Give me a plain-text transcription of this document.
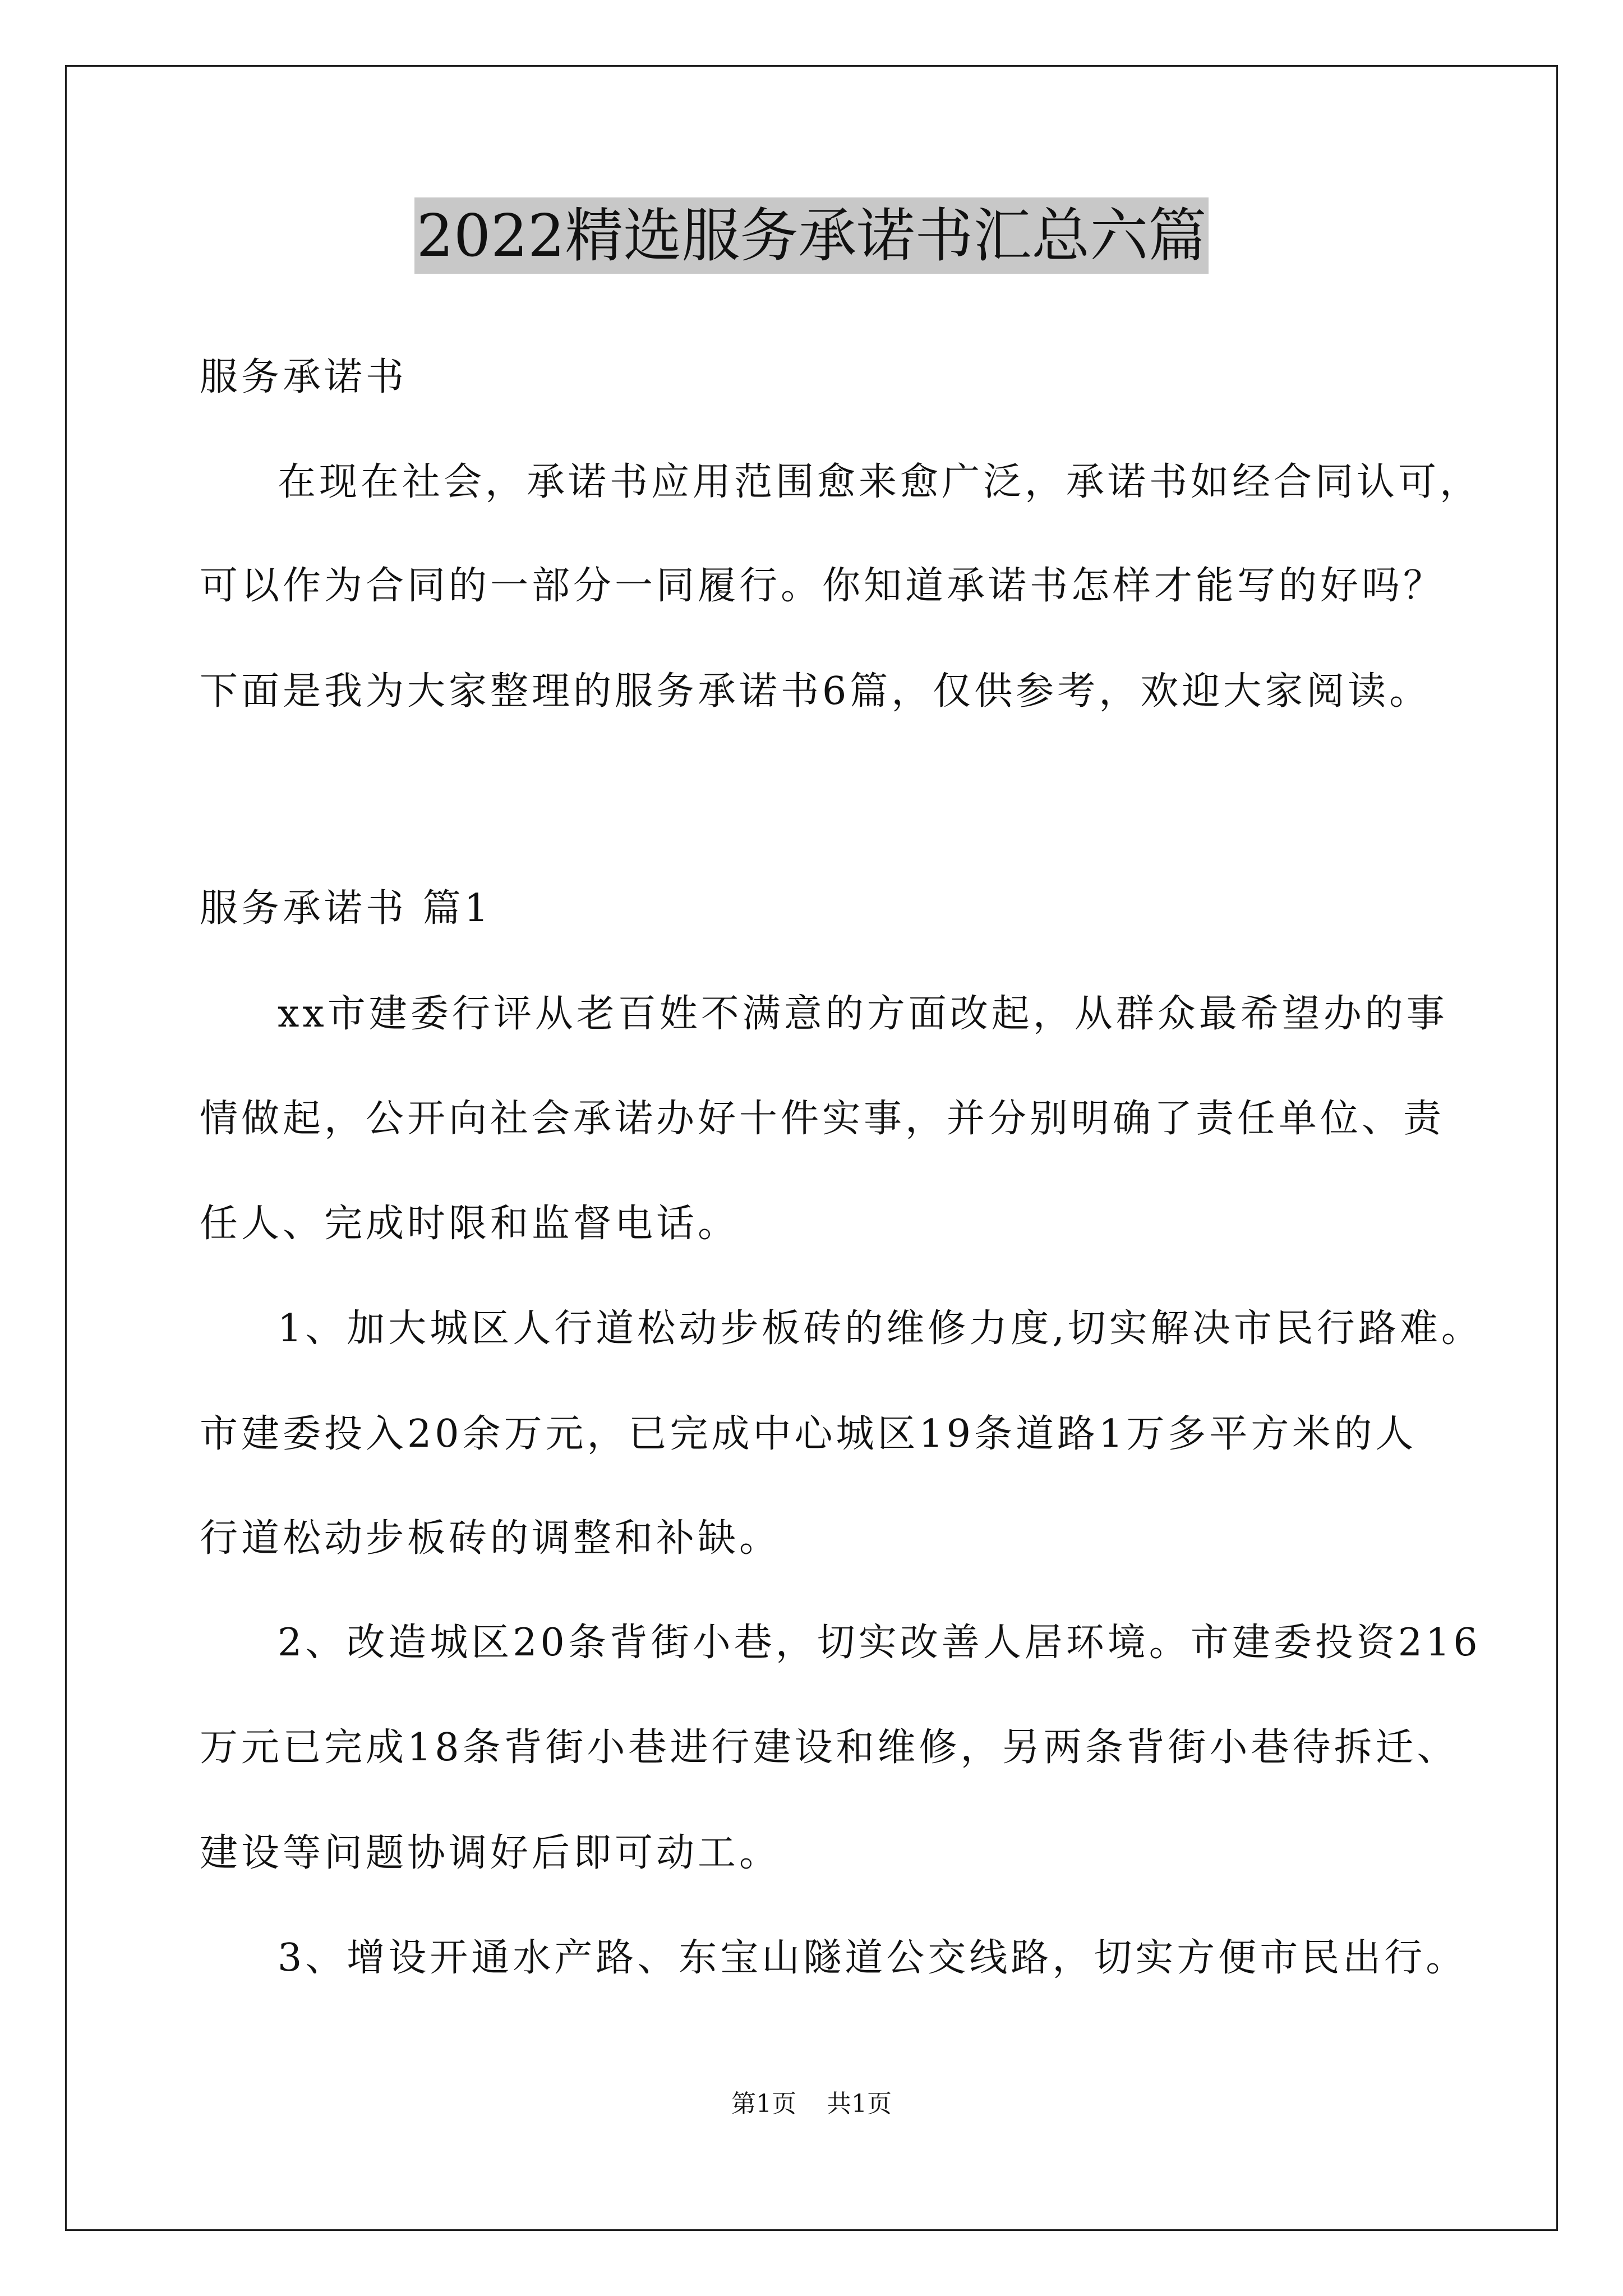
2022精选服务承诺书汇总六篇
服务承诺书
在现在社会，承诺书应用范围愈来愈广泛，承诺书如经合同认可，
可以作为合同的一部分一同履行。你知道承诺书怎样才能写的好吗？
下面是我为大家整理的服务承诺书6篇，仅供参考，欢迎大家阅读。
服务承诺书 篇1
xx市建委行评从老百姓不满意的方面改起，从群众最希望办的事
情做起，公开向社会承诺办好十件实事，并分别明确了责任单位、责
任人、完成时限和监督电话。
1、加大城区人行道松动步板砖的维修力度,切实解决市民行路难。
市建委投入20余万元，已完成中心城区19条道路1万多平方米的人
行道松动步板砖的调整和补缺。
2、改造城区20条背街小巷，切实改善人居环境。市建委投资216
万元已完成18条背街小巷进行建设和维修，另两条背街小巷待拆迁、
建设等问题协调好后即可动工。
3、增设开通水产路、东宝山隧道公交线路，切实方便市民出行。
第1页 共1页
